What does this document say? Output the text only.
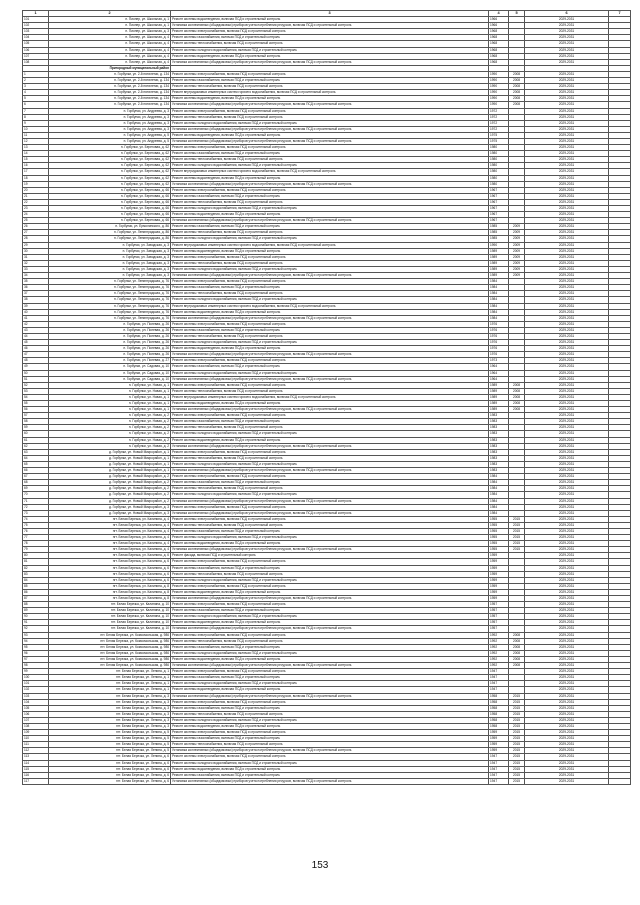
1	2	3	4	5	6	7
101	п. Пионер, ул. Школьная, д. 1	Ремонт системы водоотведения, включая ПСД и строительный контроль	1966		2029-2031	
102	п. Пионер, ул. Школьная, д. 1	Установка коллективных (общедомовых) приборов учета потребления ресурсов, включая ПСД и строительный контроль	1966		2029-2031	
103	п. Пионер, ул. Школьная, д. 3	Ремонт системы электроснабжения, включая ПСД и строительный контроль	1968		2029-2031	
104	п. Пионер, ул. Школьная, д. 4	Ремонт системы газоснабжения, включая ПСД и строительный контроль	1968		2029-2031	
105	п. Пионер, ул. Школьная, д. 4	Ремонт системы теплоснабжения, включая ПСД и строительный контроль	1968		2029-2031	
106	п. Пионер, ул. Школьная, д. 4	Ремонт системы холодного водоснабжения, включая ПСД и строительный контроль	1968		2029-2031	
107	п. Пионер, ул. Школьная, д. 4	Ремонт системы водоотведения, включая ПСД и строительный контроль	1968		2029-2031	
108	п. Пионер, ул. Школьная, д. 4	Установка коллективных (общедомовых) приборов учета потребления ресурсов, включая ПСД и строительный контроль	1968		2029-2031	
	Пригородный муниципальный район					
1	п. Горбунки, ул. 2-й пятилетки, д. 134	Ремонт системы электроснабжения, включая ПСД и строительный контроль	1990	2008	2029-2031	
2	п. Горбунки, ул. 2-й пятилетки, д. 134	Ремонт системы газоснабжения, включая ПСД и строительный контроль	1990	2008	2029-2031	
3	п. Горбунки, ул. 2-й пятилетки, д. 134	Ремонт системы теплоснабжения, включая ПСД и строительный контроль	1990	2008	2029-2031	
4	п. Горбунки, ул. 2-й пятилетки, д. 134	Ремонт внутридомовых инженерных систем горячего водоснабжения, включая ПСД и строительный контроль	1990	2008	2029-2031	
5	п. Горбунки, ул. 2-й пятилетки, д. 134	Ремонт системы водоотведения, включая ПСД и строительный контроль	1990	2008	2029-2031	
6	п. Горбунки, ул. 2-й пятилетки, д. 134	Установка коллективных (общедомовых) приборов учета потребления ресурсов, включая ПСД и строительный контроль	1990	2008	2029-2031	
7	п. Горбунки, ул. Андреева, д. 3	Ремонт системы электроснабжения, включая ПСД и строительный контроль	1972		2029-2031	
8	п. Горбунки, ул. Андреева, д. 3	Ремонт системы теплоснабжения, включая ПСД и строительный контроль	1972		2029-2031	
9	п. Горбунки, ул. Андреева, д. 3	Ремонт системы холодного водоснабжения, включая ПСД и строительный контроль	1972		2029-2031	
10	п. Горбунки, ул. Андреева, д. 3	Установка коллективных (общедомовых) приборов учета потребления ресурсов, включая ПСД и строительный контроль	1972		2029-2031	
11	п. Горбунки, ул. Андреева, д. 5	Ремонт системы водоотведения, включая ПСД и строительный контроль	1975		2029-2031	
12	п. Горбунки, ул. Андреева, д. 5	Установка коллективных (общедомовых) приборов учета потребления ресурсов, включая ПСД и строительный контроль	1975		2029-2031	
13	п. Горбунки, ул. Береговая, д. 62	Ремонт системы электроснабжения, включая ПСД и строительный контроль	1980		2029-2031	
14	п. Горбунки, ул. Береговая, д. 62	Ремонт системы газоснабжения, включая ПСД и строительный контроль	1980		2029-2031	
15	п. Горбунки, ул. Береговая, д. 62	Ремонт системы теплоснабжения, включая ПСД и строительный контроль	1980		2029-2031	
16	п. Горбунки, ул. Береговая, д. 62	Ремонт системы холодного водоснабжения, включая ПСД и строительный контроль	1980		2029-2031	
17	п. Горбунки, ул. Береговая, д. 62	Ремонт внутридомовых инженерных систем горячего водоснабжения, включая ПСД и строительный контроль	1980		2029-2031	
18	п. Горбунки, ул. Береговая, д. 62	Ремонт системы водоотведения, включая ПСД и строительный контроль	1980		2029-2031	
19	п. Горбунки, ул. Береговая, д. 62	Установка коллективных (общедомовых) приборов учета потребления ресурсов, включая ПСД и строительный контроль	1980		2029-2031	
20	п. Горбунки, ул. Береговая, д. 66	Ремонт системы электроснабжения, включая ПСД и строительный контроль	1967		2029-2031	
21	п. Горбунки, ул. Береговая, д. 66	Ремонт системы газоснабжения, включая ПСД и строительный контроль	1967		2029-2031	
22	п. Горбунки, ул. Береговая, д. 66	Ремонт системы теплоснабжения, включая ПСД и строительный контроль	1967		2029-2031	
23	п. Горбунки, ул. Береговая, д. 66	Ремонт системы холодного водоснабжения, включая ПСД и строительный контроль	1967		2029-2031	
24	п. Горбунки, ул. Береговая, д. 66	Ремонт системы водоотведения, включая ПСД и строительный контроль	1967		2029-2031	
25	п. Горбунки, ул. Береговая, д. 66	Установка коллективных (общедомовых) приборов учета потребления ресурсов, включая ПСД и строительный контроль	1967		2029-2031	
26	п. Горбунки, ул. Ермолинского, д. 86	Ремонт системы газоснабжения, включая ПСД и строительный контроль	1985	2009	2029-2031	
27	п. Горбунки, ул. Ленинградская, д. 86	Ремонт системы теплоснабжения, включая ПСД и строительный контроль	1985	2009	2029-2031	
28	п. Горбунки, ул. Ленинградская, д. 86	Ремонт системы холодного водоснабжения, включая ПСД и строительный контроль	1985	2009	2029-2031	
29	п. Горбунки, ул. Заводская, д. 3	Ремонт внутридомовых инженерных систем горячего водоснабжения, включая ПСД и строительный контроль	1990	2009	2029-2031	
30	п. Горбунки, ул. Заводская, д. 3	Ремонт системы водоотведения, включая ПСД и строительный контроль	1989	2009	2029-2031	
31	п. Горбунки, ул. Заводская, д. 3	Ремонт системы электроснабжения, включая ПСД и строительный контроль	1989	2009	2029-2031	
32	п. Горбунки, ул. Заводская, д. 3	Ремонт системы теплоснабжения, включая ПСД и строительный контроль	1989	2009	2029-2031	
33	п. Горбунки, ул. Заводская, д. 3	Ремонт системы холодного водоснабжения, включая ПСД и строительный контроль	1989	2009	2029-2031	
34	п. Горбунки, ул. Заводская, д. 3	Установка коллективных (общедомовых) приборов учета потребления ресурсов, включая ПСД и строительный контроль	1989	2009	2029-2031	
35	п. Горбунки, ул. Ленинградская, д. 76	Ремонт системы электроснабжения, включая ПСД и строительный контроль	1984		2029-2031	
36	п. Горбунки, ул. Ленинградская, д. 76	Ремонт системы газоснабжения, включая ПСД и строительный контроль	1984		2029-2031	
37	п. Горбунки, ул. Ленинградская, д. 76	Ремонт системы теплоснабжения, включая ПСД и строительный контроль	1984		2029-2031	
38	п. Горбунки, ул. Ленинградская, д. 76	Ремонт системы холодного водоснабжения, включая ПСД и строительный контроль	1984		2029-2031	
39	п. Горбунки, ул. Ленинградская, д. 76	Ремонт внутридомовых инженерных систем горячего водоснабжения, включая ПСД и строительный контроль	1984		2029-2031	
40	п. Горбунки, ул. Ленинградская, д. 76	Ремонт системы водоотведения, включая ПСД и строительный контроль	1984		2029-2031	
41	п. Горбунки, ул. Ленинградская, д. 76	Установка коллективных (общедомовых) приборов учета потребления ресурсов, включая ПСД и строительный контроль	1984		2029-2031	
42	п. Горбунки, ул. Полевая, д. 26	Ремонт системы электроснабжения, включая ПСД и строительный контроль	1976		2029-2031	
43	п. Горбунки, ул. Полевая, д. 26	Ремонт системы газоснабжения, включая ПСД и строительный контроль	1976		2029-2031	
44	п. Горбунки, ул. Полевая, д. 26	Ремонт системы теплоснабжения, включая ПСД и строительный контроль	1976		2029-2031	
45	п. Горбунки, ул. Полевая, д. 26	Ремонт системы холодного водоснабжения, включая ПСД и строительный контроль	1976		2029-2031	
46	п. Горбунки, ул. Полевая, д. 26	Ремонт системы водоотведения, включая ПСД и строительный контроль	1976		2029-2031	
47	п. Горбунки, ул. Полевая, д. 26	Установка коллективных (общедомовых) приборов учета потребления ресурсов, включая ПСД и строительный контроль	1976		2029-2031	
48	п. Горбунки, ул. Полевая, д. 27	Ремонт системы электроснабжения, включая ПСД и строительный контроль	1973		2029-2031	
49	п. Горбунки, ул. Садовая, д. 10	Ремонт системы газоснабжения, включая ПСД и строительный контроль	1964		2029-2031	
50	п. Горбунки, ул. Садовая, д. 10	Ремонт системы холодного водоснабжения, включая ПСД и строительный контроль	1964		2029-2031	
51	п. Горбунки, ул. Садовая, д. 10	Установка коллективных (общедомовых) приборов учета потребления ресурсов, включая ПСД и строительный контроль	1964		2029-2031	
52	п. Горбунки, ул. Новая, д. 1	Ремонт системы электроснабжения, включая ПСД и строительный контроль	1989	2008	2029-2031	
53	п. Горбунки, ул. Новая, д. 1	Ремонт системы теплоснабжения, включая ПСД и строительный контроль	1989	2008	2029-2031	
54	п. Горбунки, ул. Новая, д. 1	Ремонт внутридомовых инженерных систем горячего водоснабжения, включая ПСД и строительный контроль	1989	2008	2029-2031	
55	п. Горбунки, ул. Новая, д. 1	Ремонт системы водоотведения, включая ПСД и строительный контроль	1989	2008	2029-2031	
56	п. Горбунки, ул. Новая, д. 1	Установка коллективных (общедомовых) приборов учета потребления ресурсов, включая ПСД и строительный контроль	1989	2008	2029-2031	
57	п. Горбунки, ул. Новая, д. 2	Ремонт системы электроснабжения, включая ПСД и строительный контроль	1983		2029-2031	
58	п. Горбунки, ул. Новая, д. 2	Ремонт системы газоснабжения, включая ПСД и строительный контроль	1983		2029-2031	
59	п. Горбунки, ул. Новая, д. 2	Ремонт системы теплоснабжения, включая ПСД и строительный контроль	1983		2029-2031	
60	п. Горбунки, ул. Новая, д. 2	Ремонт системы холодного водоснабжения, включая ПСД и строительный контроль	1983		2029-2031	
61	п. Горбунки, ул. Новая, д. 2	Ремонт системы водоотведения, включая ПСД и строительный контроль	1983		2029-2031	
62	п. Горбунки, ул. Новая, д. 2	Установка коллективных (общедомовых) приборов учета потребления ресурсов, включая ПСД и строительный контроль	1983		2029-2031	
63	д. Горбунки, ул. Новый Микрорайон, д. 1	Ремонт системы электроснабжения, включая ПСД и строительный контроль	1983		2029-2031	
64	д. Горбунки, ул. Новый Микрорайон, д. 1	Ремонт системы теплоснабжения, включая ПСД и строительный контроль	1983		2029-2031	
65	д. Горбунки, ул. Новый Микрорайон, д. 1	Ремонт системы холодного водоснабжения, включая ПСД и строительный контроль	1983		2029-2031	
66	д. Горбунки, ул. Новый Микрорайон, д. 1	Установка коллективных (общедомовых) приборов учета потребления ресурсов, включая ПСД и строительный контроль	1983		2029-2031	
67	д. Горбунки, ул. Новый Микрорайон, д. 2	Ремонт системы электроснабжения, включая ПСД и строительный контроль	1984		2029-2031	
68	д. Горбунки, ул. Новый Микрорайон, д. 2	Ремонт системы газоснабжения, включая ПСД и строительный контроль	1984		2029-2031	
69	д. Горбунки, ул. Новый Микрорайон, д. 2	Ремонт системы теплоснабжения, включая ПСД и строительный контроль	1984		2029-2031	
70	д. Горбунки, ул. Новый Микрорайон, д. 2	Ремонт системы холодного водоснабжения, включая ПСД и строительный контроль	1984		2029-2031	
71	д. Горбунки, ул. Новый Микрорайон, д. 2	Установка коллективных (общедомовых) приборов учета потребления ресурсов, включая ПСД и строительный контроль	1984		2029-2031	
72	д. Горбунки, ул. Новый Микрорайон, д. 3	Ремонт системы электроснабжения, включая ПСД и строительный контроль	1984		2029-2031	
73	д. Горбунки, ул. Новый Микрорайон, д. 3	Установка коллективных (общедомовых) приборов учета потребления ресурсов, включая ПСД и строительный контроль	1984		2029-2031	
74	пгт. Белая Березка, ул. Калинина, д. 4	Ремонт системы электроснабжения, включая ПСД и строительный контроль	1955	2015	2029-2031	
75	пгт. Белая Березка, ул. Калинина, д. 4	Ремонт системы теплоснабжения, включая ПСД и строительный контроль	1955	2015	2029-2031	
76	пгт. Белая Березка, ул. Калинина, д. 4	Ремонт системы газоснабжения, включая ПСД и строительный контроль	1955	2015	2029-2031	
77	пгт. Белая Березка, ул. Калинина, д. 4	Ремонт системы холодного водоснабжения, включая ПСД и строительный контроль	1955	2015	2029-2031	
78	пгт. Белая Березка, ул. Калинина, д. 4	Ремонт системы водоотведения, включая ПСД и строительный контроль	1955	2015	2029-2031	
79	пгт. Белая Березка, ул. Калинина, д. 4	Установка коллективных (общедомовых) приборов учета потребления ресурсов, включая ПСД и строительный контроль	1955	2015	2029-2031	
80	пгт. Белая Березка, ул. Калинина, д. 6	Ремонт фасада, включая ПСД и строительный контроль	1959		2029-2031	
81	пгт. Белая Березка, ул. Калинина, д. 6	Ремонт системы электроснабжения, включая ПСД и строительный контроль	1959		2029-2031	
82	пгт. Белая Березка, ул. Калинина, д. 6	Ремонт системы газоснабжения, включая ПСД и строительный контроль	1959		2029-2031	
83	пгт. Белая Березка, ул. Калинина, д. 6	Ремонт системы теплоснабжения, включая ПСД и строительный контроль	1959		2029-2031	
84	пгт. Белая Березка, ул. Калинина, д. 6	Ремонт системы холодного водоснабжения, включая ПСД и строительный контроль	1959		2029-2031	
85	пгт. Белая Березка, ул. Калинина, д. 8	Ремонт системы электроснабжения, включая ПСД и строительный контроль	1959		2029-2031	
86	пгт. Белая Березка, ул. Калинина, д. 8	Ремонт системы водоотведения, включая ПСД и строительный контроль	1959		2029-2031	
87	пгт. Белая Березка, ул. Калинина, д. 8	Установка коллективных (общедомовых) приборов учета потребления ресурсов, включая ПСД и строительный контроль	1959		2029-2031	
88	пгт. Белая Березка, ул. Калинина, д. 10	Ремонт системы электроснабжения, включая ПСД и строительный контроль	1957		2029-2031	
89	пгт. Белая Березка, ул. Калинина, д. 10	Ремонт системы газоснабжения, включая ПСД и строительный контроль	1957		2029-2031	
90	пгт. Белая Березка, ул. Калинина, д. 10	Ремонт системы холодного водоснабжения, включая ПСД и строительный контроль	1957		2029-2031	
91	пгт. Белая Березка, ул. Калинина, д. 10	Ремонт системы водоотведения, включая ПСД и строительный контроль	1957		2029-2031	
92	пгт. Белая Березка, ул. Калинина, д. 10	Установка коллективных (общедомовых) приборов учета потребления ресурсов, включая ПСД и строительный контроль	1957		2029-2031	
93	пгт. Белая Березка, ул. Комсомольская, д. 986	Ремонт системы электроснабжения, включая ПСД и строительный контроль	1992	2008	2029-2031	
94	пгт. Белая Березка, ул. Комсомольская, д. 986	Ремонт системы теплоснабжения, включая ПСД и строительный контроль	1992	2008	2029-2031	
95	пгт. Белая Березка, ул. Комсомольская, д. 986	Ремонт системы газоснабжения, включая ПСД и строительный контроль	1992	2008	2029-2031	
96	пгт. Белая Березка, ул. Комсомольская, д. 986	Ремонт системы холодного водоснабжения, включая ПСД и строительный контроль	1992	2008	2029-2031	
97	пгт. Белая Березка, ул. Комсомольская, д. 986	Ремонт системы водоотведения, включая ПСД и строительный контроль	1992	2008	2029-2031	
98	пгт. Белая Березка, ул. Комсомольская, д. 986	Установка коллективных (общедомовых) приборов учета потребления ресурсов, включая ПСД и строительный контроль	1992	2008	2029-2031	
99	пгт. Белая Березка, ул. Ленина, д. 1	Ремонт системы электроснабжения, включая ПСД и строительный контроль	1947		2029-2031	
100	пгт. Белая Березка, ул. Ленина, д. 1	Ремонт системы газоснабжения, включая ПСД и строительный контроль	1947		2029-2031	
101	пгт. Белая Березка, ул. Ленина, д. 1	Ремонт системы холодного водоснабжения, включая ПСД и строительный контроль	1947		2029-2031	
102	пгт. Белая Березка, ул. Ленина, д. 1	Ремонт системы водоотведения, включая ПСД и строительный контроль	1947		2029-2031	
103	пгт. Белая Березка, ул. Ленина, д. 3	Установка коллективных (общедомовых) приборов учета потребления ресурсов, включая ПСД и строительный контроль	1958	2015	2029-2031	
104	пгт. Белая Березка, ул. Ленина, д. 3	Ремонт системы электроснабжения, включая ПСД и строительный контроль	1958	2015	2029-2031	
105	пгт. Белая Березка, ул. Ленина, д. 3	Ремонт системы газоснабжения, включая ПСД и строительный контроль	1958	2015	2029-2031	
106	пгт. Белая Березка, ул. Ленина, д. 3	Ремонт системы теплоснабжения, включая ПСД и строительный контроль	1958	2015	2029-2031	
107	пгт. Белая Березка, ул. Ленина, д. 3	Ремонт системы холодного водоснабжения, включая ПСД и строительный контроль	1958	2015	2029-2031	
108	пгт. Белая Березка, ул. Ленина, д. 3	Ремонт системы водоотведения, включая ПСД и строительный контроль	1958	2015	2029-2031	
109	пгт. Белая Березка, ул. Ленина, д. 5	Ремонт системы электроснабжения, включая ПСД и строительный контроль	1959	2015	2029-2031	
110	пгт. Белая Березка, ул. Ленина, д. 5	Ремонт системы газоснабжения, включая ПСД и строительный контроль	1959	2015	2029-2031	
111	пгт. Белая Березка, ул. Ленина, д. 5	Ремонт системы теплоснабжения, включая ПСД и строительный контроль	1959	2015	2029-2031	
112	пгт. Белая Березка, ул. Ленина, д. 5	Установка коллективных (общедомовых) приборов учета потребления ресурсов, включая ПСД и строительный контроль	1959	2015	2029-2031	
113	пгт. Белая Березка, ул. Ленина, д. 6	Ремонт системы электроснабжения, включая ПСД и строительный контроль	1947	2015	2029-2031	
114	пгт. Белая Березка, ул. Ленина, д. 6	Ремонт системы холодного водоснабжения, включая ПСД и строительный контроль	1947	2015	2029-2031	
115	пгт. Белая Березка, ул. Ленина, д. 6	Ремонт системы водоотведения, включая ПСД и строительный контроль	1947	2015	2029-2031	
116	пгт. Белая Березка, ул. Ленина, д. 6	Ремонт системы газоснабжения, включая ПСД и строительный контроль	1947	2015	2029-2031	
117	пгт. Белая Березка, ул. Ленина, д. 6	Установка коллективных (общедомовых) приборов учета потребления ресурсов, включая ПСД и строительный контроль	1947	2015	2029-2031	
153
